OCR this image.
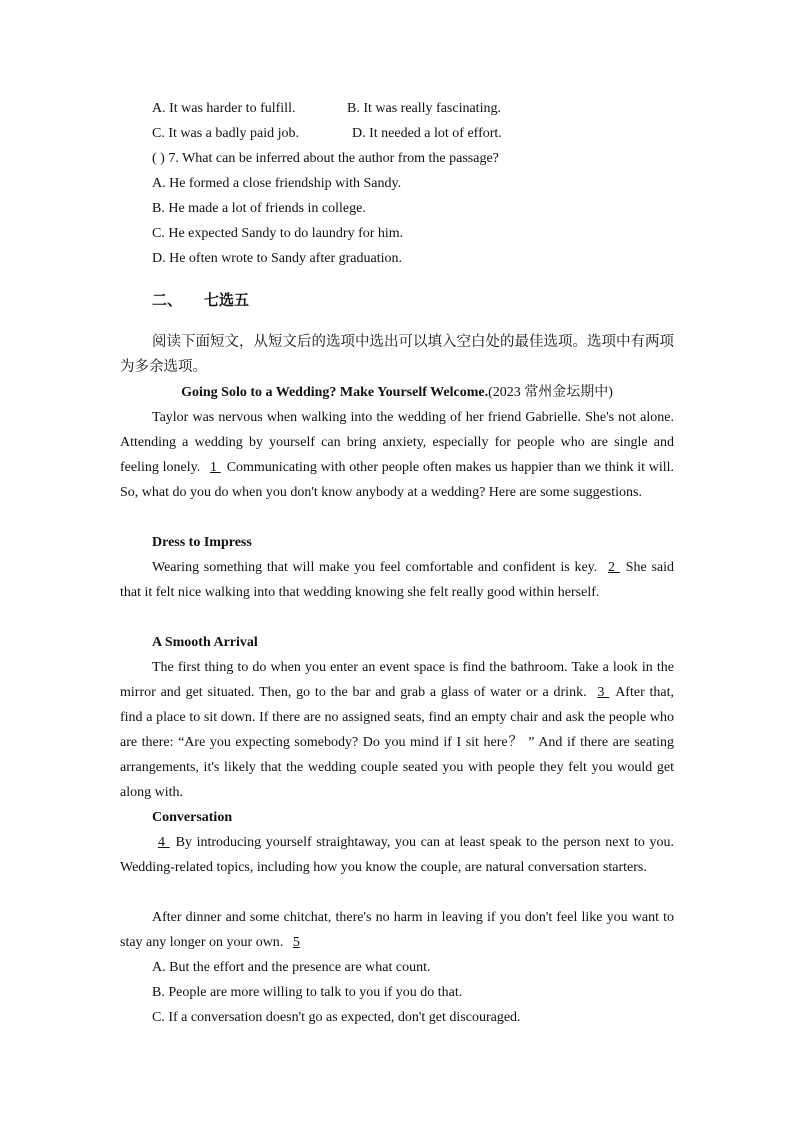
A. It was harder to fulfill.	B. It was really fascinating.
C. It was a badly paid job.	D. It needed a lot of effort.
( ) 7. What can be inferred about the author from the passage?
A. He formed a close friendship with Sandy.
B. He made a lot of friends in college.
C. He expected Sandy to do laundry for him.
D. He often wrote to Sandy after graduation.
二、 七选五
阅读下面短文，从短文后的选项中选出可以填入空白处的最佳选项。选项中有两项为多余选项。
Going Solo to a Wedding? Make Yourself Welcome.(2023 常州金坛期中)
Taylor was nervous when walking into the wedding of her friend Gabrielle. She's not alone. Attending a wedding by yourself can bring anxiety, especially for people who are single and feeling lonely. 1 Communicating with other people often makes us happier than we think it will. So, what do you do when you don't know anybody at a wedding? Here are some suggestions.
Dress to Impress
Wearing something that will make you feel comfortable and confident is key. 2 She said that it felt nice walking into that wedding knowing she felt really good within herself.
A Smooth Arrival
The first thing to do when you enter an event space is find the bathroom. Take a look in the mirror and get situated. Then, go to the bar and grab a glass of water or a drink. 3 After that, find a place to sit down. If there are no assigned seats, find an empty chair and ask the people who are there: “Are you expecting somebody? Do you mind if I sit here？ ” And if there are seating arrangements, it's likely that the wedding couple seated you with people they felt you would get along with.
Conversation
4 By introducing yourself straightaway, you can at least speak to the person next to you. Wedding-related topics, including how you know the couple, are natural conversation starters.
After dinner and some chitchat, there's no harm in leaving if you don't feel like you want to stay any longer on your own. 5
A. But the effort and the presence are what count.
B. People are more willing to talk to you if you do that.
C. If a conversation doesn't go as expected, don't get discouraged.
